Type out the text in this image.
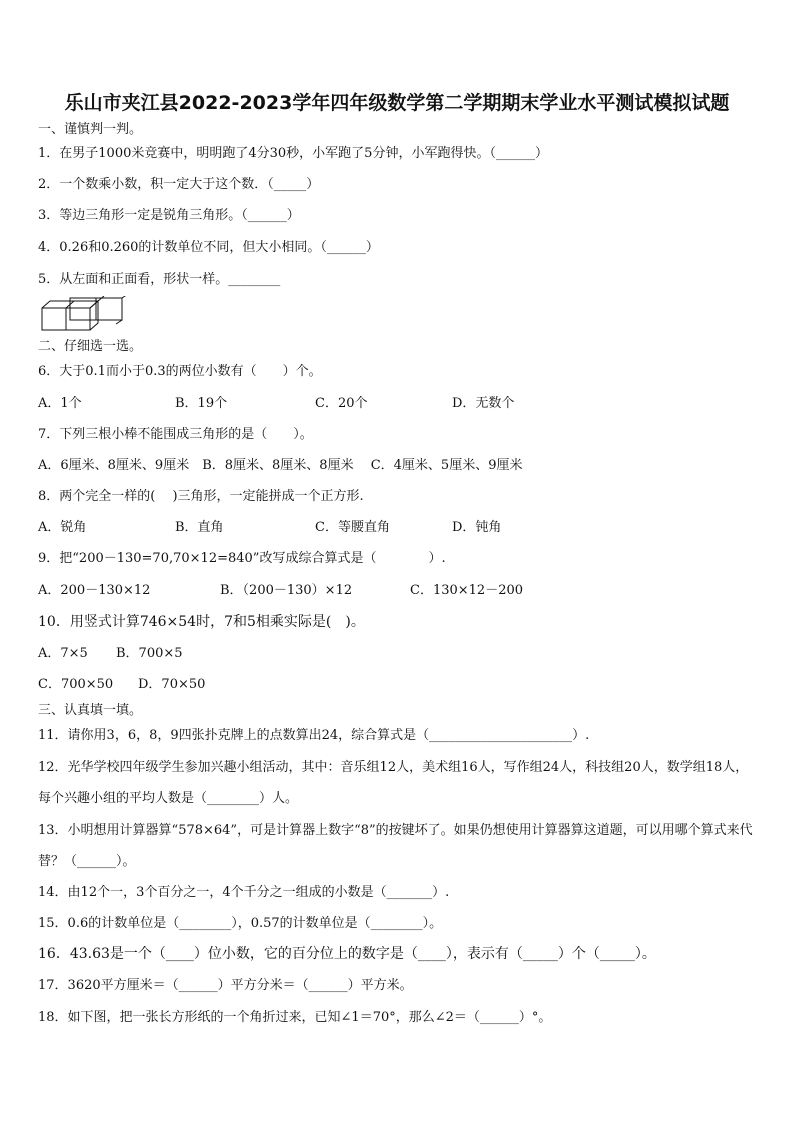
乐山市夹江县2022-2023学年四年级数学第二学期期末学业水平测试模拟试题
一、谨慎判一判。
1．在男子1000米竞赛中，明明跑了4分30秒，小军跑了5分钟，小军跑得快。（______）
2．一个数乘小数，积一定大于这个数．（_____）
3．等边三角形一定是锐角三角形。（______）
4．0.26和0.260的计数单位不同，但大小相同。（______）
5．从左面和正面看，形状一样。________
二、仔细选一选。
6．大于0.1而小于0.3的两位小数有（　　）个。
A．1个	B．19个	C．20个	D．无数个
7．下列三根小棒不能围成三角形的是（　　）。
A．6厘米、8厘米、9厘米　B．8厘米、8厘米、8厘米　 C．4厘米、5厘米、9厘米
8．两个完全一样的(　 )三角形，一定能拼成一个正方形.
A．锐角	B．直角	C．等腰直角	D．钝角
9．把“200－130=70,70×12=840”改写成综合算式是（　　　　）.
A．200－130×12	B．（200－130）×12	C．130×12－200
10．用竖式计算746×54时，7和5相乘实际是(　)。
A．7×5 B．700×5
C．700×50 D．70×50
三、认真填一填。
11．请你用3，6，8，9四张扑克牌上的点数算出24，综合算式是（______________________）.
12．光华学校四年级学生参加兴趣小组活动，其中：音乐组12人，美术组16人，写作组24人，科技组20人，数学组18人，每个兴趣小组的平均人数是（________）人。
13．小明想用计算器算“578×64”，可是计算器上数字“8”的按键坏了。如果仍想使用计算器算这道题，可以用哪个算式来代替？（______）。
14．由12个一，3个百分之一，4个千分之一组成的小数是（_______）.
15．0.6的计数单位是（________），0.57的计数单位是（________）。
16．43.63是一个（____）位小数，它的百分位上的数字是（____），表示有（_____）个（_____）。
17．3620平方厘米＝（______）平方分米＝（______）平方米。
18．如下图，把一张长方形纸的一个角折过来，已知∠1＝70°，那么∠2＝（______）°。
